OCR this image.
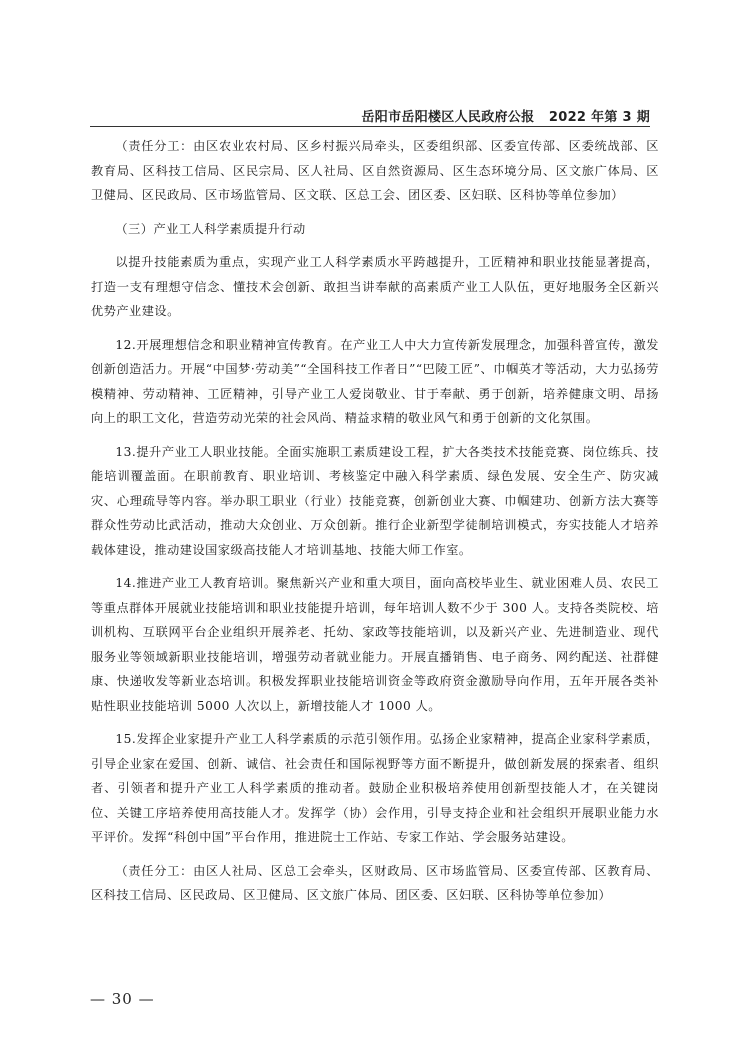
岳阳市岳阳楼区人民政府公报 2022 年第 3 期

（责任分工：由区农业农村局、区乡村振兴局牵头，区委组织部、区委宣传部、区委统战部、区教育局、区科技工信局、区民宗局、区人社局、区自然资源局、区生态环境分局、区文旅广体局、区卫健局、区民政局、区市场监管局、区文联、区总工会、团区委、区妇联、区科协等单位参加）

（三）产业工人科学素质提升行动

以提升技能素质为重点，实现产业工人科学素质水平跨越提升，工匠精神和职业技能显著提高，打造一支有理想守信念、懂技术会创新、敢担当讲奉献的高素质产业工人队伍，更好地服务全区新兴优势产业建设。

12.开展理想信念和职业精神宣传教育。在产业工人中大力宣传新发展理念，加强科普宣传，激发创新创造活力。开展“中国梦·劳动美”“全国科技工作者日”“巴陵工匠”、巾帼英才等活动，大力弘扬劳模精神、劳动精神、工匠精神，引导产业工人爱岗敬业、甘于奉献、勇于创新，培养健康文明、昂扬向上的职工文化，营造劳动光荣的社会风尚、精益求精的敬业风气和勇于创新的文化氛围。

13.提升产业工人职业技能。全面实施职工素质建设工程，扩大各类技术技能竞赛、岗位练兵、技能培训覆盖面。在职前教育、职业培训、考核鉴定中融入科学素质、绿色发展、安全生产、防灾减灾、心理疏导等内容。举办职工职业（行业）技能竞赛，创新创业大赛、巾帼建功、创新方法大赛等群众性劳动比武活动，推动大众创业、万众创新。推行企业新型学徒制培训模式，夯实技能人才培养载体建设，推动建设国家级高技能人才培训基地、技能大师工作室。

14.推进产业工人教育培训。聚焦新兴产业和重大项目，面向高校毕业生、就业困难人员、农民工等重点群体开展就业技能培训和职业技能提升培训，每年培训人数不少于 300 人。支持各类院校、培训机构、互联网平台企业组织开展养老、托幼、家政等技能培训，以及新兴产业、先进制造业、现代服务业等领域新职业技能培训，增强劳动者就业能力。开展直播销售、电子商务、网约配送、社群健康、快递收发等新业态培训。积极发挥职业技能培训资金等政府资金激励导向作用，五年开展各类补贴性职业技能培训 5000 人次以上，新增技能人才 1000 人。

15.发挥企业家提升产业工人科学素质的示范引领作用。弘扬企业家精神，提高企业家科学素质，引导企业家在爱国、创新、诚信、社会责任和国际视野等方面不断提升，做创新发展的探索者、组织者、引领者和提升产业工人科学素质的推动者。鼓励企业积极培养使用创新型技能人才，在关键岗位、关键工序培养使用高技能人才。发挥学（协）会作用，引导支持企业和社会组织开展职业能力水平评价。发挥“科创中国”平台作用，推进院士工作站、专家工作站、学会服务站建设。

（责任分工：由区人社局、区总工会牵头，区财政局、区市场监管局、区委宣传部、区教育局、区科技工信局、区民政局、区卫健局、区文旅广体局、团区委、区妇联、区科协等单位参加）

— 30 —
